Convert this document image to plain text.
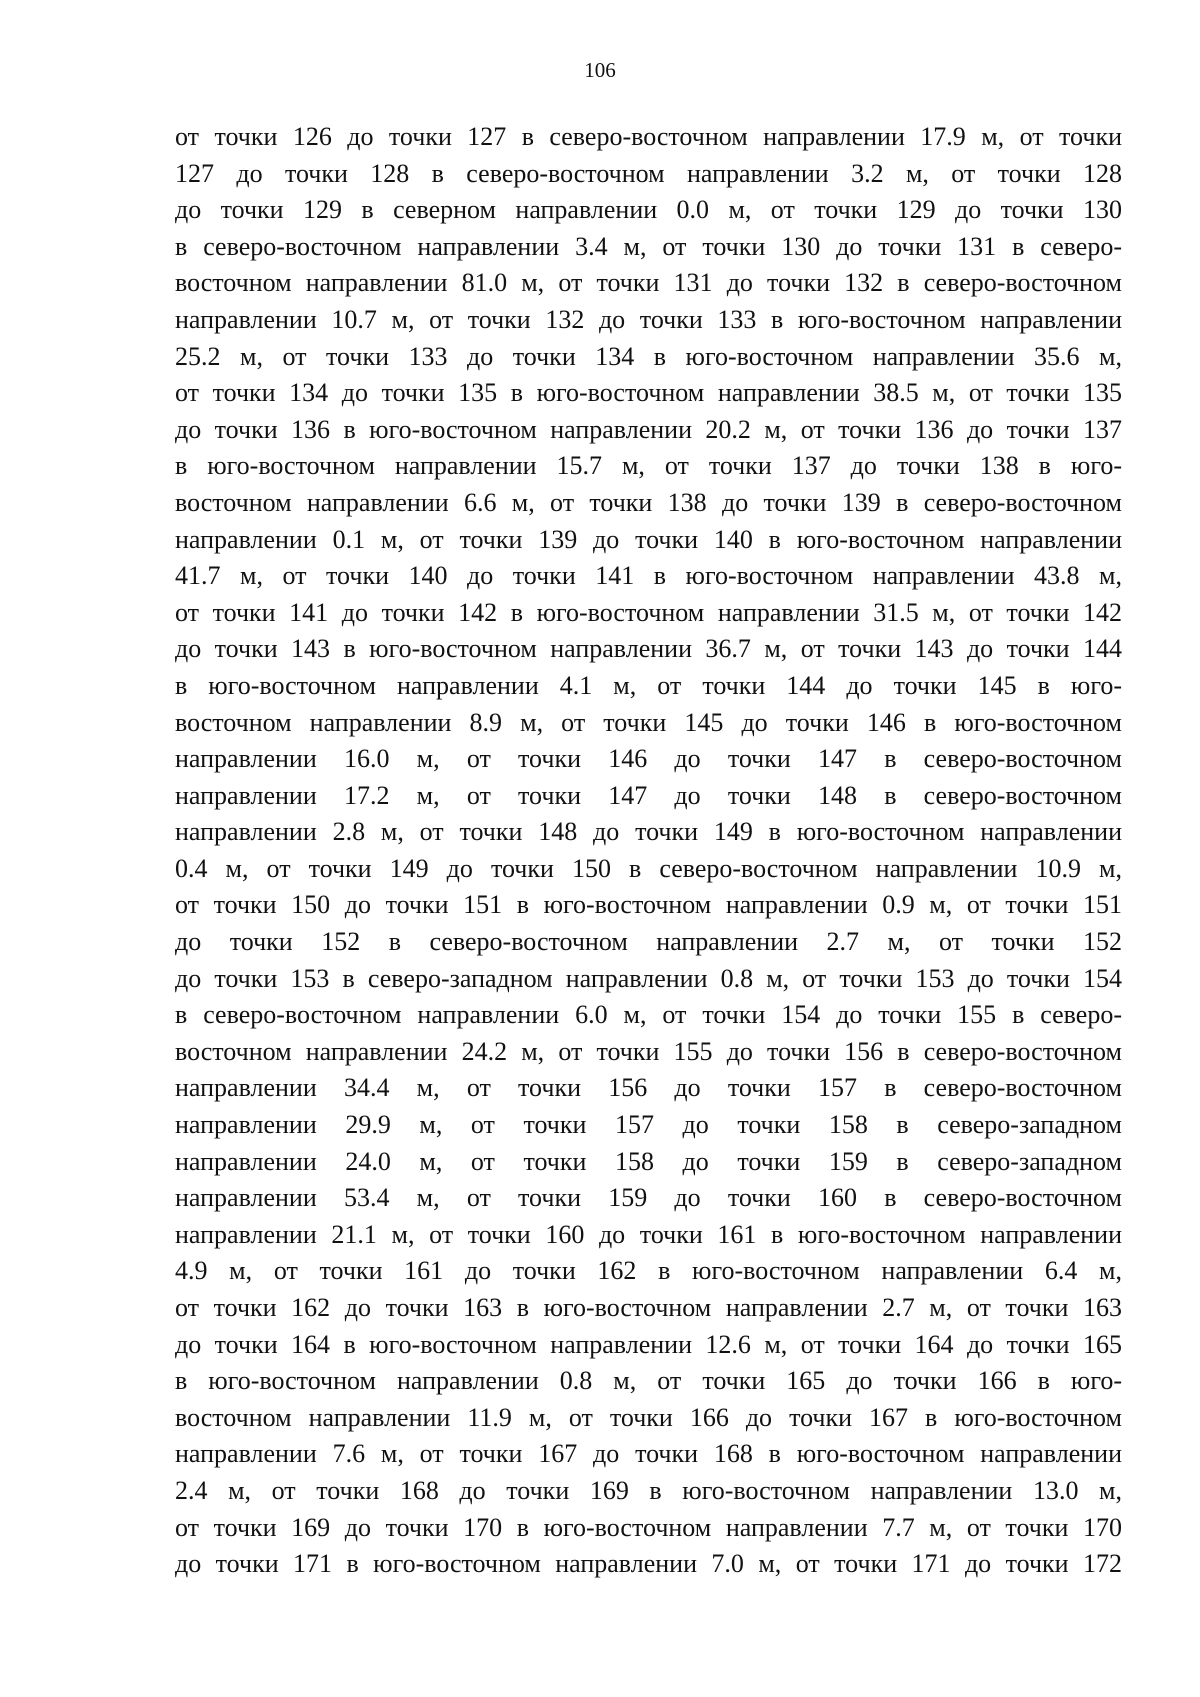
106
от точки 126 до точки 127 в северо-восточном направлении 17.9 м, от точки
127 до точки 128 в северо-восточном направлении 3.2 м, от точки 128
до точки 129 в северном направлении 0.0 м, от точки 129 до точки 130
в северо-восточном направлении 3.4 м, от точки 130 до точки 131 в северо-
восточном направлении 81.0 м, от точки 131 до точки 132 в северо-восточном
направлении 10.7 м, от точки 132 до точки 133 в юго-восточном направлении
25.2 м, от точки 133 до точки 134 в юго-восточном направлении 35.6 м,
от точки 134 до точки 135 в юго-восточном направлении 38.5 м, от точки 135
до точки 136 в юго-восточном направлении 20.2 м, от точки 136 до точки 137
в юго-восточном направлении 15.7 м, от точки 137 до точки 138 в юго-
восточном направлении 6.6 м, от точки 138 до точки 139 в северо-восточном
направлении 0.1 м, от точки 139 до точки 140 в юго-восточном направлении
41.7 м, от точки 140 до точки 141 в юго-восточном направлении 43.8 м,
от точки 141 до точки 142 в юго-восточном направлении 31.5 м, от точки 142
до точки 143 в юго-восточном направлении 36.7 м, от точки 143 до точки 144
в юго-восточном направлении 4.1 м, от точки 144 до точки 145 в юго-
восточном направлении 8.9 м, от точки 145 до точки 146 в юго-восточном
направлении 16.0 м, от точки 146 до точки 147 в северо-восточном
направлении 17.2 м, от точки 147 до точки 148 в северо-восточном
направлении 2.8 м, от точки 148 до точки 149 в юго-восточном направлении
0.4 м, от точки 149 до точки 150 в северо-восточном направлении 10.9 м,
от точки 150 до точки 151 в юго-восточном направлении 0.9 м, от точки 151
до точки 152 в северо-восточном направлении 2.7 м, от точки 152
до точки 153 в северо-западном направлении 0.8 м, от точки 153 до точки 154
в северо-восточном направлении 6.0 м, от точки 154 до точки 155 в северо-
восточном направлении 24.2 м, от точки 155 до точки 156 в северо-восточном
направлении 34.4 м, от точки 156 до точки 157 в северо-восточном
направлении 29.9 м, от точки 157 до точки 158 в северо-западном
направлении 24.0 м, от точки 158 до точки 159 в северо-западном
направлении 53.4 м, от точки 159 до точки 160 в северо-восточном
направлении 21.1 м, от точки 160 до точки 161 в юго-восточном направлении
4.9 м, от точки 161 до точки 162 в юго-восточном направлении 6.4 м,
от точки 162 до точки 163 в юго-восточном направлении 2.7 м, от точки 163
до точки 164 в юго-восточном направлении 12.6 м, от точки 164 до точки 165
в юго-восточном направлении 0.8 м, от точки 165 до точки 166 в юго-
восточном направлении 11.9 м, от точки 166 до точки 167 в юго-восточном
направлении 7.6 м, от точки 167 до точки 168 в юго-восточном направлении
2.4 м, от точки 168 до точки 169 в юго-восточном направлении 13.0 м,
от точки 169 до точки 170 в юго-восточном направлении 7.7 м, от точки 170
до точки 171 в юго-восточном направлении 7.0 м, от точки 171 до точки 172
